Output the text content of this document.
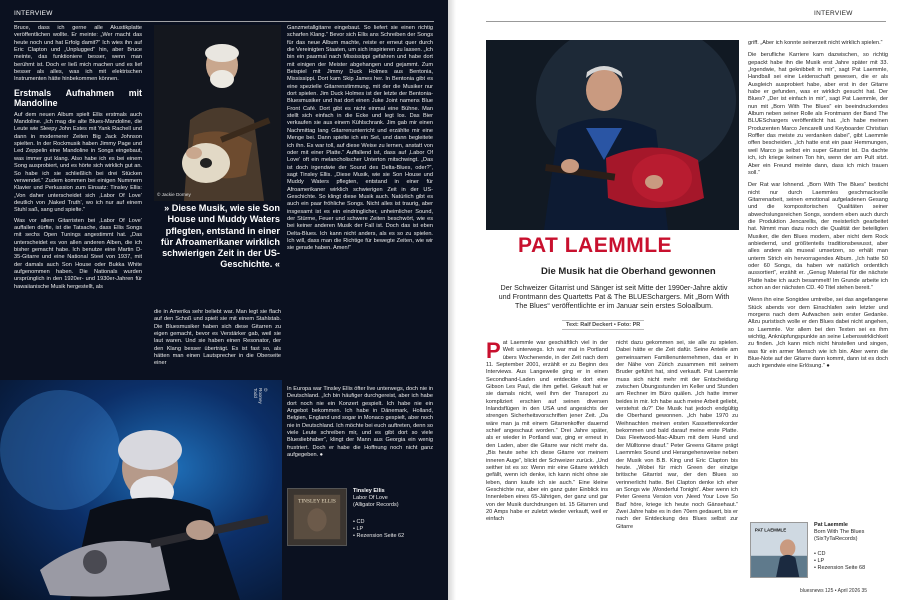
INTERVIEW

Bruce, dass ich gerne alle Akustikplatte veröffentlichen wollte. Er meinte: „Wer macht das heute noch und hat Erfolg damit?“ Ich wies ihn auf Eric Clapton und „Unplugged“ hin, aber Bruce meinte, das funktioniere besser, wenn man berühmt ist. Doch er ließ mich machen und es lief besser als alles, was ich mit elektrischen Instrumenten hätte hinbekommen können.

Erstmals Aufnahmen mit Mandoline

Auf dem neuen Album spielt Ellis erstmals auch Mandoline. „Ich mag die alte Blues-Mandoline, die Leute wie Sleepy John Estes mit Yank Rachell und dann in modernerer Zeiten Big Jack Johnson spielten. In der Rockmusik haben Jimmy Page und Led Zeppelin eine Mandoline in Songs eingebaut, was immer gut klang. Also habe ich es bei einem Song ausprobiert, und es hörte sich wirklich gut an. So habe ich sie schließlich bei drei Stücken verwendet.“ Zudem kommen bei einigen Nummern Klavier und Perkussion zum Einsatz: Tinsley Ellis: „Von daher unterscheidet sich ‚Labor Of Love‘ deutlich von ‚Naked Truth‘, wo ich nur auf einem Stuhl saß, sang und spielte.“

Was vor allem Gitarristen bei ‚Labor Of Love‘ auffallen dürfte, ist die Tatsache, dass Ellis Songs mit sechs Open Tunings angestimmt hat. „Das unterscheidet es von allen anderen Alben, die ich bisher gemacht habe. Ich benutze eine Martin D-35-Gitarre und eine National Steel von 1937, mit der damals auch Son House oder Bukka White aufgenommen haben. Die Nationals wurden ursprünglich in den 1920er- und 1930er-Jahren für hawaiianische Musik hergestellt, als

© Jackie Dorney
» Diese Musik, wie sie Son House und Muddy Waters pflegten, entstand in einer für Afroamerikaner wirklich schwierigen Zeit in der US-Geschichte. «

die in Amerika sehr beliebt war. Man legt sie flach auf den Schoß und spielt sie mit einem Stahlstab. Die Bluesmusiker haben sich diese Gitarren zu eigen gemacht, bevor es Verstärker gab, weil sie laut waren. Und sie haben einen Resonator, der den Klang besser überträgt. Es ist fast so, als hätten man einen Lautsprecher in die Oberseite einer

Ganzmetallgitarre eingebaut. So liefert sie einen richtig scharfen Klang.“ Bevor sich Ellis ans Schreiben der Songs für das neue Album machte, reiste er erneut quer durch die Vereinigten Staaten, um sich inspirieren zu lassen. „Ich bin ein paarmal nach Mississippi gefahren und habe dort mit einigen der Meister abgehangen und gejammt. Zum Beispiel mit Jimmy Duck Holmes aus Bentonia, Mississippi. Dort kam Skip James her. In Bentonia gibt es eine spezielle Gitarrenstimmung, mit der die Musiker nur dort spielen. Jim Duck Holmes ist der letzte der Bentonia-Bluesmusiker und hat dort einen Juke Joint namens Blue Front Café. Dort gibt es nicht einmal eine Bühne. Man stellt sich einfach in die Ecke und legt los. Das Bier verkaufen sie aus einem Kühlschrank. Jim gab mir einen Nachmittag lang Gitarrenunterricht und erzählte mir eine Menge bei. Dann spielte ich ein Set, und dann begleitete ich ihn. Es war toll, auf diese Weise zu lernen, anstatt von oder mit einer Platte.“ Auffallend ist, dass auf ‚Labor Of Love‘ oft ein melancholischer Unterton mitschwingt. „Das ist doch irgendwie der Sound des Delta-Blues, oder?“, sagt Tinsley Ellis. „Diese Musik, wie sie Son House und Muddy Waters pflegten, entstand in einer für Afroamerikaner wirklich schwierigen Zeit in der US-Geschichte. So klingt diese Musik auch. Natürlich gibt es auch ein paar fröhliche Songs. Nicht alles ist traurig, aber insgesamt ist es ein eindringlicher, unheimlicher Sound, der Stürme, Feuer und schwere Zeiten beschwört, wie es bei keiner anderen Musik der Fall ist. Doch das ist eben Delta-Blues. Ich kann nicht anders, als es so zu spielen. Ich will, dass man die Richtige für bewegte Zeiten, wie wir sie gerade haben. Amen!“

In Europa war Tinsley Ellis öfter live unterwegs, doch nie in Deutschland. „Ich bin häufiger durchgereist, aber ich habe dort noch nie ein Konzert gespielt. Ich habe nie ein Angebot bekommen. Ich habe in Dänemark, Holland, Belgien, England und sogar in Monaco gespielt, aber noch nie in Deutschland. Ich möchte bei euch auftreten, denn so viele Leute schreiben mir, und es gibt dort so viele Bluesliebhaber“, klingt der Mann aus Georgia ein wenig frustriert. Doch er habe die Hoffnung noch nicht ganz aufgegeben. ●

© Rooney Todd
TINSLEY ELLIS
Tinsley Ellis
Labor Of Love
(Alligator Records)
• CD
• LP
• Rezension Seite 62
INTERVIEW
PAT LAEMMLE
Die Musik hat die Oberhand gewonnen
Der Schweizer Gitarrist und Sänger ist seit Mitte der 1990er-Jahre aktiv und Frontmann des Quartetts Pat & The BLUESchargers. Mit „Born With The Blues“ veröffentlichte er im Januar sein erstes Soloalbum.
Text: Ralf Deckert • Foto: PR
P at Laemmle war geschäftlich viel in der Welt unterwegs. Ich war mal in Portland übers Wochenende, in der Zeit nach dem 11. September 2001, erzählt er zu Beginn des Interviews. Aus Langeweile ging er in einen Secondhand-Laden und entdeckte dort eine Gibson Les Paul, die ihm gefiel. Gekauft hat er sie damals nicht, weil ihm der Transport zu kompliziert erschien auf seinen diversen Inlandsflügen in den USA und angesichts der strengen Sicherheitsvorschriften jener Zeit. „Da wäre man ja mit einem Gitarrenkoffer dauernd schief angeschaut worden.“ Drei Jahre später, als er wieder in Portland war, ging er erneut in den Laden, aber die Gitarre war nicht mehr da. „Bis heute sehe ich diese Gitarre vor meinem inneren Auge“, blickt der Schweizer zurück. „Und seither ist es so: Wenn mir eine Gitarre wirklich gefällt, wenn ich denke, ich kann nicht ohne sie leben, dann kaufe ich sie auch.“ Eine kleine Geschichte nur, aber ein ganz guter Einblick ins Innenleben eines 65-Jährigen, der ganz und gar von der Musik durchdrungen ist. 15 Gitarren und 20 Amps habe er zuletzt wieder verkauft, weil er einfach

nicht dazu gekommen sei, sie alle zu spielen. Dabei hätte er die Zeit dafür. Seine Anteile am gemeinsamen Familienunternehmen, das er in der Nähe von Zürich zusammen mit seinem Bruder geführt hat, sind verkauft. Pat Laemmle muss sich nicht mehr mit der Entscheidung zwischen Übungsstunden im Keller und Stunden am Rechner im Büro quälen. „Ich hatte immer beides in mir. Ich habe auch meine Arbeit geliebt, verstehst du?“ Die Musik hat jedoch endgültig die Oberhand gewonnen. „Ich habe 1970 zu Weihnachten meinen ersten Kassettenrekorder bekommen und bald darauf meine erste Platte. Das Fleetwood-Mac-Album mit dem Hund und der Mülltonne drauf.“ Peter Greens Gitarre prägt Laemmles Sound und Herangehensweise neben der Musik von B.B. King und Eric Clapton bis heute. „Wobei für mich Green der einzige britische Gitarrist war, der den Blues so verinnerlicht hatte. Bei Clapton denke ich eher an Songs wie ‚Wonderful Tonight‘. Aber wenn ich Peter Greens Version von ‚Need Your Love So Bad‘ höre, kriege ich heute noch Gänsehaut.“ Zwei Jahre habe es in den 70ern gedauert, bis er nach der Entdeckung des Blues selbst zur Gitarre

griff. „Aber ich konnte seinerzeit nicht wirklich spielen.“

Die berufliche Karriere kam dazwischen, so richtig gepackt habe ihn die Musik erst Jahre später mit 33. „Irgendwie, hat geknibbelt in mir“, sagt Pat Laemmle, Handball sei eine Leidenschaft gewesen, die er als Ausgleich ausprobiert habe, aber erst in der Gitarre habe er gefunden, was er wirklich gesucht hat. Der Blues? „Der ist einfach in mir“, sagt Pat Laemmle, der nun mit „Born With The Blues“ ein beeindruckendes Album neben seiner Rolle als Frontmann der Band The BLUESchargers veröffentlicht hat. „Ich habe meinen Produzenten Marco Jencarelli und Keyboarder Christian Roffler das meiste zu verdanken dabei“, gibt Laemmle offen bescheiden. „Ich hatte erst ein paar Hemmungen, weil Marco ja selbst ein super Gitarrist ist. Da dachte ich, ich kriege keinen Ton hin, wenn der am Pult sitzt. Aber ein Freund meinte dann, dass ich mich trauen soll.“

Der Rat war lohnend. „Born With The Blues“ besticht nicht nur durch Laemmles geschmackvolle Gitarrenarbeit, seinen emotional aufgeladenen Gesang und die kompositorischen Qualitäten seiner abwechslungsreichen Songs, sondern eben auch durch die Produktion Jencarellis, der meisterlich gearbeitet hat. Nimmt man dazu noch die Qualität der beteiligten Musiker, die den Blues modern, aber nicht dem Rock anbiedernd, und größtenteils traditionsbewusst, aber alles andere als museal umsetzen, so erhält man unterm Strich ein hervorragendes Album. „Ich hatte 50 oder 60 Songs, da haben wir natürlich ordentlich aussortiert“, erzählt er. „Genug Material für die nächste Platte habe ich auch besammelt! Im Grunde arbeite ich schon an der nächsten CD. 40 Titel stehen bereit.“

Wenn ihn eine Songidee umtreibe, sei das angefangene Stück abends vor dem Einschlafen sein letzter und morgens nach dem Aufwachen sein erster Gedanke. Allzu puristisch wolle er den Blues dabei nicht angehen, so Laemmle. Vor allem bei den Texten sei es ihm wichtig, Anknüpfungspunkte an seine Lebenswirklichkeit zu finden. „Ich kann mich nicht hinstellen und singen, was für ein armer Mensch wie ich bin. Aber wenn die Blue-Note auf der Gitarre dann kommt, dann ist es doch auch irgendwie eine Erlösung.“ ●

PAT LAEMMLE
Pat Laemmle
Born With The Blues
(SixTyTaRecords)
• CD
• LP
• Rezension Seite 68
bluesnews 125 • April 2026 35
